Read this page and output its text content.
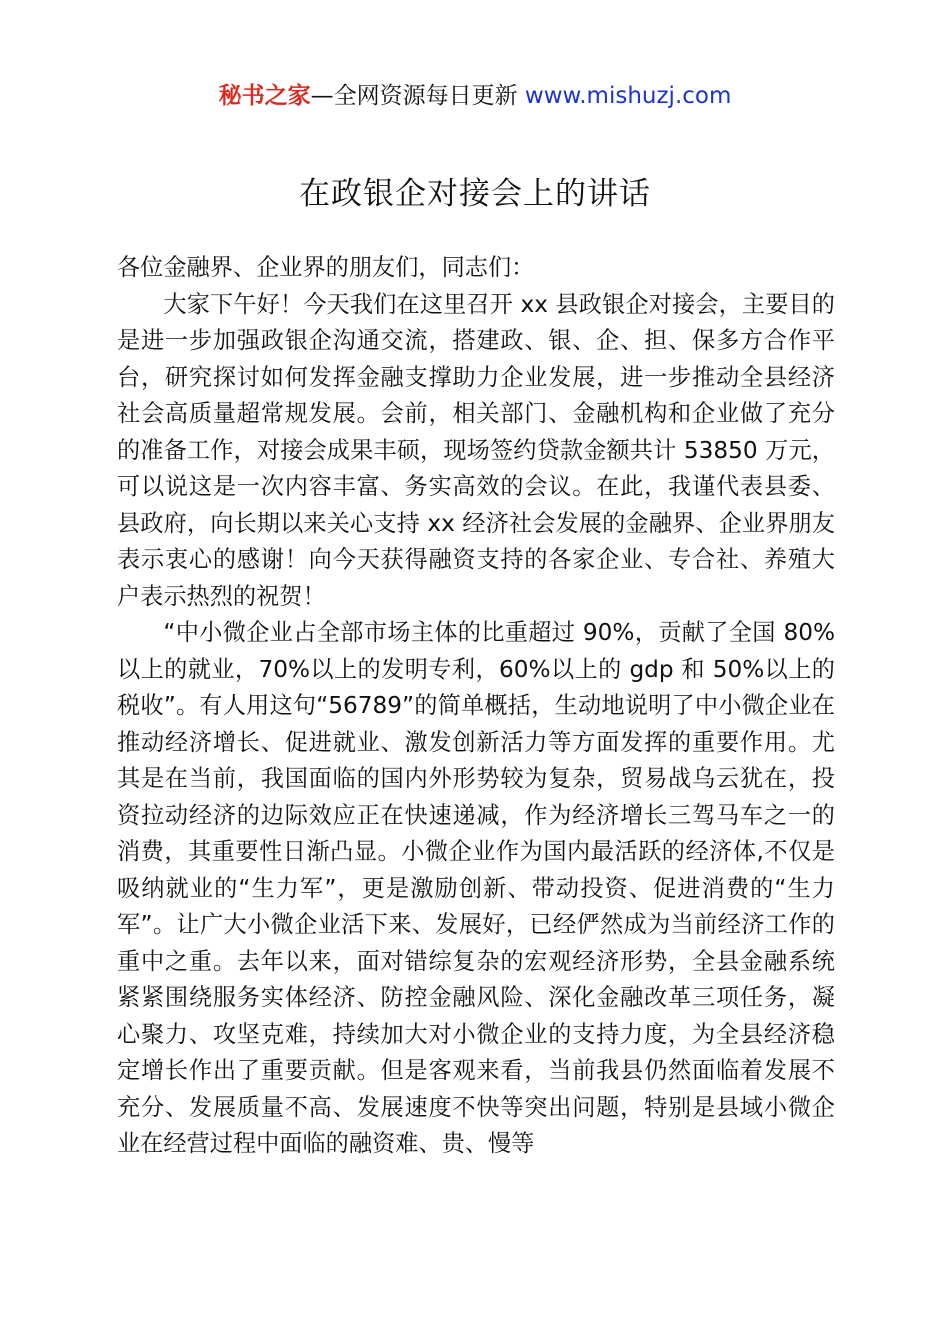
秘书之家—全网资源每日更新 www.mishuzj.com
在政银企对接会上的讲话

各位金融界、企业界的朋友们，同志们：

大家下午好！今天我们在这里召开 xx 县政银企对接会，主要目的是进一步加强政银企沟通交流，搭建政、银、企、担、保多方合作平台，研究探讨如何发挥金融支撑助力企业发展，进一步推动全县经济社会高质量超常规发展。会前，相关部门、金融机构和企业做了充分的准备工作，对接会成果丰硕，现场签约贷款金额共计 53850 万元，可以说这是一次内容丰富、务实高效的会议。在此，我谨代表县委、县政府，向长期以来关心支持 xx 经济社会发展的金融界、企业界朋友表示衷心的感谢！向今天获得融资支持的各家企业、专合社、养殖大户表示热烈的祝贺！

“中小微企业占全部市场主体的比重超过 90%，贡献了全国 80%以上的就业，70%以上的发明专利，60%以上的 gdp 和 50%以上的税收”。有人用这句“56789”的简单概括，生动地说明了中小微企业在推动经济增长、促进就业、激发创新活力等方面发挥的重要作用。尤其是在当前，我国面临的国内外形势较为复杂，贸易战乌云犹在，投资拉动经济的边际效应正在快速递减，作为经济增长三驾马车之一的消费，其重要性日渐凸显。小微企业作为国内最活跃的经济体,不仅是吸纳就业的“生力军”，更是激励创新、带动投资、促进消费的“生力军”。让广大小微企业活下来、发展好，已经俨然成为当前经济工作的重中之重。去年以来，面对错综复杂的宏观经济形势，全县金融系统紧紧围绕服务实体经济、防控金融风险、深化金融改革三项任务，凝心聚力、攻坚克难，持续加大对小微企业的支持力度，为全县经济稳定增长作出了重要贡献。但是客观来看，当前我县仍然面临着发展不充分、发展质量不高、发展速度不快等突出问题，特别是县域小微企业在经营过程中面临的融资难、贵、慢等
